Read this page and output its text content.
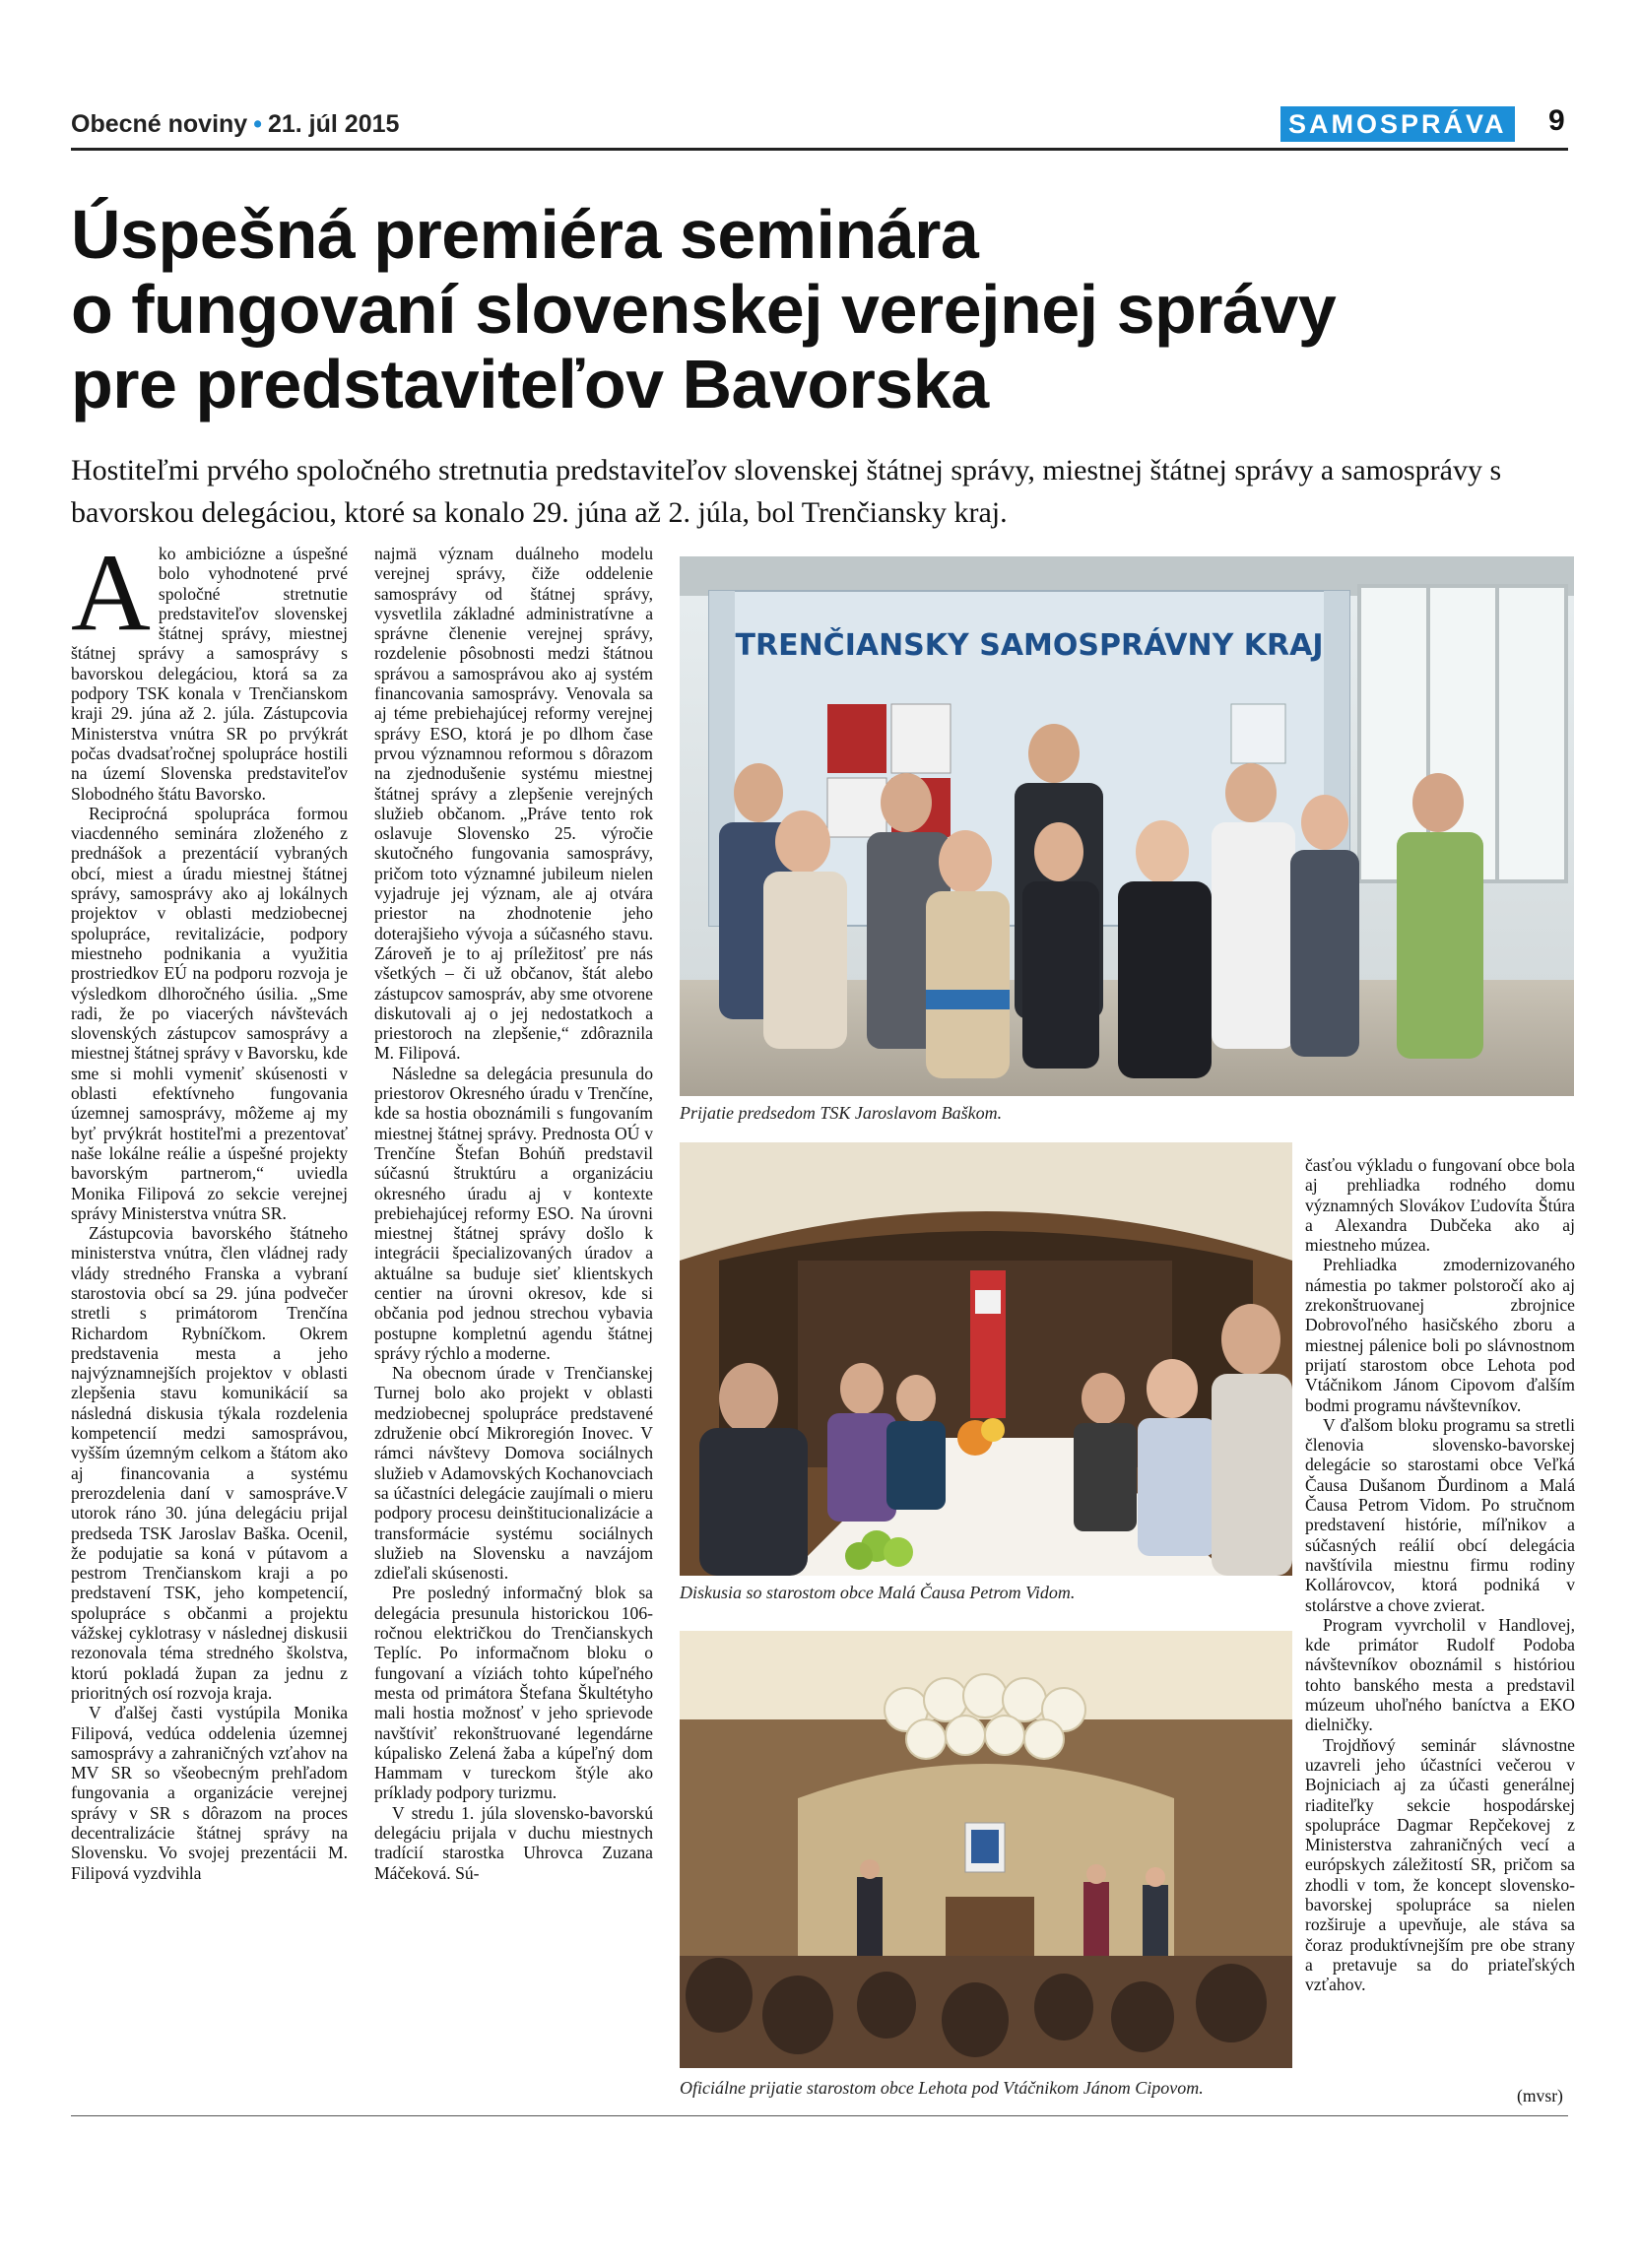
Obecné noviny • 21. júl 2015	SAMOSPRÁVA 9
Úspešná premiéra seminára
o fungovaní slovenskej verejnej správy
pre predstaviteľov Bavorska

Hostiteľmi prvého spoločného stretnutia predstaviteľov slovenskej štátnej správy, miestnej štátnej správy a samosprávy s bavorskou delegáciou, ktoré sa konalo 29. júna až 2. júla, bol Trenčiansky kraj.

Ako ambiciózne a úspešné bolo vyhodnotené prvé spoločné stretnutie predstaviteľov slovenskej štátnej správy, miestnej štátnej správy a samosprávy s bavorskou delegáciou, ktorá sa za podpory TSK konala v Trenčianskom kraji 29. júna až 2. júla. Zástupcovia Ministerstva vnútra SR po prvýkrát počas dvadsaťročnej spolupráce hostili na území Slovenska predstaviteľov Slobodného štátu Bavorsko.

Reciproćná spolupráca formou viacdenného seminára zloženého z prednášok a prezentácií vybraných obcí, miest a úradu miestnej štátnej správy, samosprávy ako aj lokálnych projektov v oblasti medziobecnej spolupráce, revitalizácie, podpory miestneho podnikania a využitia prostriedkov EÚ na podporu rozvoja je výsledkom dlhoročného úsilia. „Sme radi, že po viacerých návštevách slovenských zástupcov samosprávy a miestnej štátnej správy v Bavorsku, kde sme si mohli vymeniť skúsenosti v oblasti efektívneho fungovania územnej samosprávy, môžeme aj my byť prvýkrát hostiteľmi a prezentovať naše lokálne reálie a úspešné projekty bavorským partnerom,“ uviedla Monika Filipová zo sekcie verejnej správy Ministerstva vnútra SR.

Zástupcovia bavorského štátneho ministerstva vnútra, člen vládnej rady vlády stredného Franska a vybraní starostovia obcí sa 29. júna podvečer stretli s primátorom Trenčína Richardom Rybníčkom. Okrem predstavenia mesta a jeho najvýznamnejších projektov v oblasti zlepšenia stavu komunikácií sa následná diskusia týkala rozdelenia kompetencií medzi samosprávou, vyšším územným celkom a štátom ako aj financovania a systému prerozdelenia daní v samospráve.V utorok ráno 30. júna delegáciu prijal predseda TSK Jaroslav Baška. Ocenil, že podujatie sa koná v pútavom a pestrom Trenčianskom kraji a po predstavení TSK, jeho kompetencií, spolupráce s občanmi a projektu vážskej cyklotrasy v následnej diskusii rezonovala téma stredného školstva, ktorú pokladá župan za jednu z prioritných osí rozvoja kraja.

V ďalšej časti vystúpila Monika Filipová, vedúca oddelenia územnej samosprávy a zahraničných vzťahov na MV SR so všeobecným prehľadom fungovania a organizácie verejnej správy v SR s dôrazom na proces decentralizácie štátnej správy na Slovensku. Vo svojej prezentácii M. Filipová vyzdvihla

najmä význam duálneho modelu verejnej správy, čiže oddelenie samosprávy od štátnej správy, vysvetlila základné administratívne a správne členenie verejnej správy, rozdelenie pôsobnosti medzi štátnou správou a samosprávou ako aj systém financovania samosprávy. Venovala sa aj téme prebiehajúcej reformy verejnej správy ESO, ktorá je po dlhom čase prvou významnou reformou s dôrazom na zjednodušenie systému miestnej štátnej správy a zlepšenie verejných služieb občanom. „Práve tento rok oslavuje Slovensko 25. výročie skutočného fungovania samosprávy, pričom toto významné jubileum nielen vyjadruje jej význam, ale aj otvára priestor na zhodnotenie jeho doterajšieho vývoja a súčasného stavu. Zároveň je to aj príležitosť pre nás všetkých – či už občanov, štát alebo zástupcov samospráv, aby sme otvorene diskutovali aj o jej nedostatkoch a priestoroch na zlepšenie,“ zdôraznila M. Filipová.

Následne sa delegácia presunula do priestorov Okresného úradu v Trenčíne, kde sa hostia oboznámili s fungovaním miestnej štátnej správy. Prednosta OÚ v Trenčíne Štefan Bohúň predstavil súčasnú štruktúru a organizáciu okresného úradu aj v kontexte prebiehajúcej reformy ESO. Na úrovni miestnej štátnej správy došlo k integrácii špecializovaných úradov a aktuálne sa buduje sieť klientskych centier na úrovni okresov, kde si občania pod jednou strechou vybavia postupne kompletnú agendu štátnej správy rýchlo a moderne.

Na obecnom úrade v Trenčianskej Turnej bolo ako projekt v oblasti medziobecnej spolupráce predstavené združenie obcí Mikroregión Inovec. V rámci návštevy Domova sociálnych služieb v Adamovských Kochanovciach sa účastníci delegácie zaujímali o mieru podpory procesu deinštitucionalizácie a transformácie systému sociálnych služieb na Slovensku a navzájom zdieľali skúsenosti.

Pre posledný informačný blok sa delegácia presunula historickou 106-ročnou električkou do Trenčianskych Teplíc. Po informačnom bloku o fungovaní a víziách tohto kúpeľného mesta od primátora Štefana Škultétyho mali hostia možnosť v jeho sprievode navštíviť rekonštruované legendárne kúpalisko Zelená žaba a kúpeľný dom Hammam v tureckom štýle ako príklady podpory turizmu.

V stredu 1. júla slovensko-bavorskú delegáciu prijala v duchu miestnych tradícií starostka Uhrovca Zuzana Máčeková. Sú-

TRENČIANSKY SAMOSPRÁVNY KRAJ
Prijatie predsedom TSK Jaroslavom Baškom.
Diskusia so starostom obce Malá Čausa Petrom Vidom.
Oficiálne prijatie starostom obce Lehota pod Vtáčnikom Jánom Cipovom.

časťou výkladu o fungovaní obce bola aj prehliadka rodného domu významných Slovákov Ľudovíta Štúra a Alexandra Dubčeka ako aj miestneho múzea.

Prehliadka zmodernizovaného námestia po takmer polstoročí ako aj zrekonštruovanej zbrojnice Dobrovoľného hasičského zboru a miestnej pálenice boli po slávnostnom prijatí starostom obce Lehota pod Vtáčnikom Jánom Cipovom ďalším bodmi programu návštevníkov.

V ďalšom bloku programu sa stretli členovia slovensko-bavorskej delegácie so starostami obce Veľká Čausa Dušanom Ďurdinom a Malá Čausa Petrom Vidom. Po stručnom predstavení histórie, míľnikov a súčasných reálií obcí delegácia navštívila miestnu firmu rodiny Kollárovcov, ktorá podniká v stolárstve a chove zvierat.

Program vyvrcholil v Handlovej, kde primátor Rudolf Podoba návštevníkov oboznámil s históriou tohto banského mesta a predstavil múzeum uhoľného baníctva a EKO dielničky.

Trojdňový seminár slávnostne uzavreli jeho účastníci večerou v Bojniciach aj za účasti generálnej riaditeľky sekcie hospodárskej spolupráce Dagmar Repčekovej z Ministerstva zahraničných vecí a európskych záležitostí SR, pričom sa zhodli v tom, že koncept slovensko-bavorskej spolupráce sa nielen rozširuje a upevňuje, ale stáva sa čoraz produktívnejším pre obe strany a pretavuje sa do priateľských vzťahov.

(mvsr)
